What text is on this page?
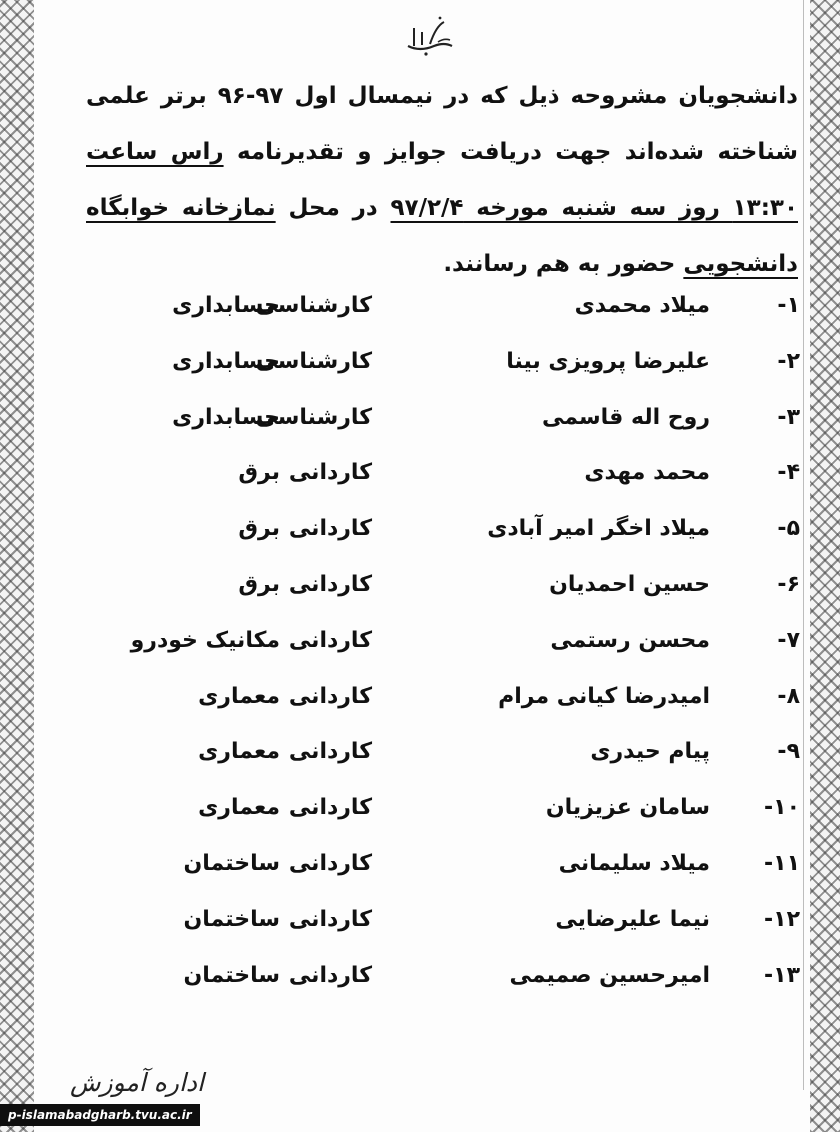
دانشجویان مشروحه ذیل که در نیمسال اول ۹۷-۹۶ برتر علمی شناخته شده‌اند جهت دریافت جوایز و تقدیرنامه راس ساعت ۱۳:۳۰ روز سه شنبه مورخه ۹۷/۲/۴ در محل نمازخانه خوابگاه دانشجویی حضور به هم رسانند.
۱-
میلاد محمدی
کارشناسی
حسابداری
۲-
علیرضا پرویزی بینا
کارشناسی
حسابداری
۳-
روح اله قاسمی
کارشناسی
حسابداری
۴-
محمد مهدی
کاردانی
برق
۵-
میلاد اخگر امیر آبادی
کاردانی
برق
۶-
حسین احمدیان
کاردانی
برق
۷-
محسن رستمی
کاردانی
مکانیک خودرو
۸-
امیدرضا کیانی مرام
کاردانی
معماری
۹-
پیام حیدری
کاردانی
معماری
۱۰-
سامان عزیزیان
کاردانی
معماری
۱۱-
میلاد سلیمانی
کاردانی
ساختمان
۱۲-
نیما علیرضایی
کاردانی
ساختمان
۱۳-
امیرحسین صمیمی
کاردانی
ساختمان
اداره آموزش
p-islamabadgharb.tvu.ac.ir
